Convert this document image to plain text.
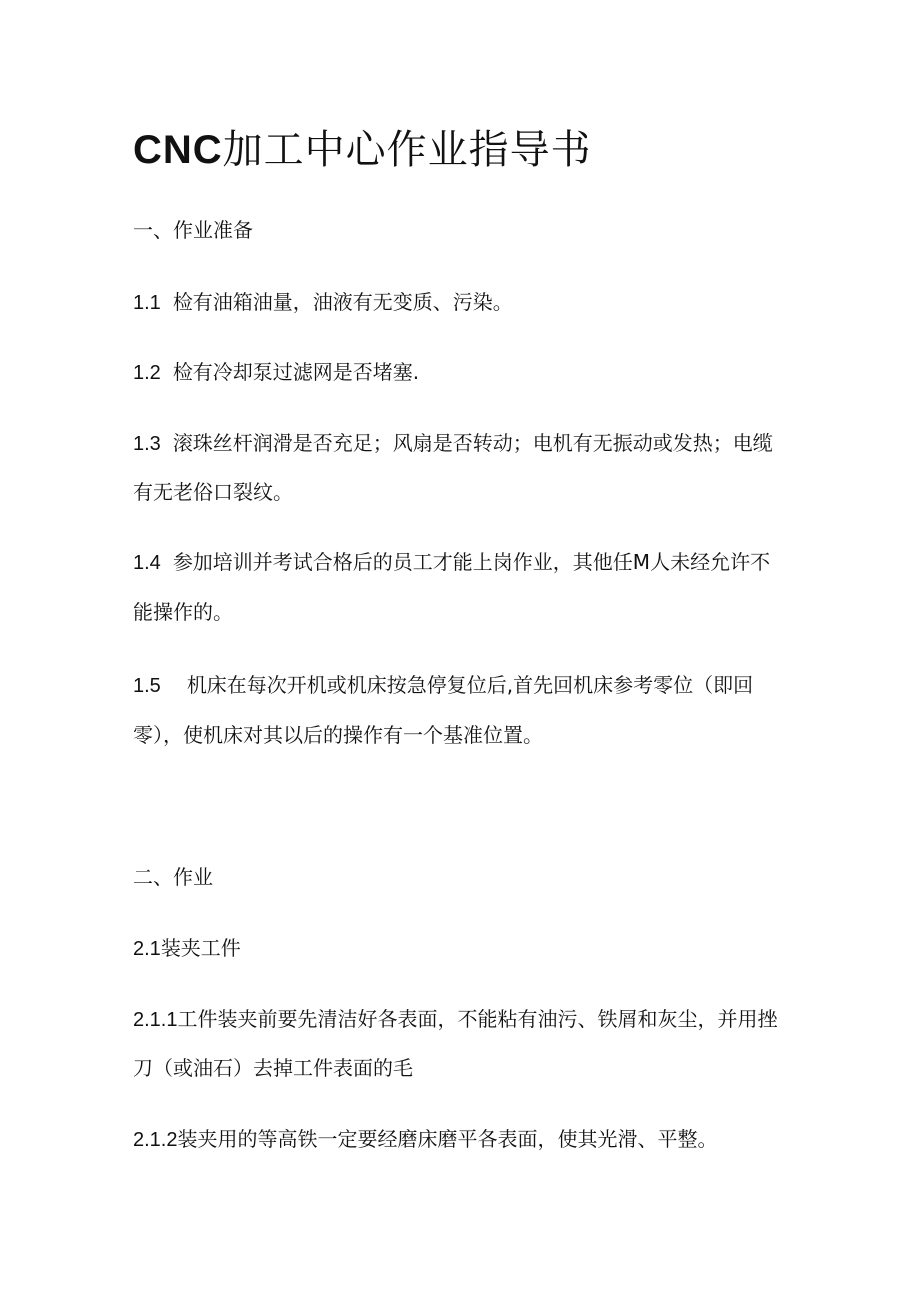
CNC加工中心作业指导书
一、作业准备
1.1 检有油箱油量，油液有无变质、污染。
1.2 检有冷却泵过滤网是否堵塞.
1.3 滚珠丝杆润滑是否充足；风扇是否转动；电机有无振动或发热；电缆
有无老俗口裂纹。
1.4 参加培训并考试合格后的员工才能上岗作业，其他任M人未经允许不
能操作的。
1.5 机床在每次开机或机床按急停复位后,首先回机床参考零位（即回
零），使机床对其以后的操作有一个基准位置。
二、作业
2.1装夹工件
2.1.1工件装夹前要先清洁好各表面，不能粘有油污、铁屑和灰尘，并用挫
刀（或油石）去掉工件表面的毛
2.1.2装夹用的等高铁一定要经磨床磨平各表面，使其光滑、平整。
